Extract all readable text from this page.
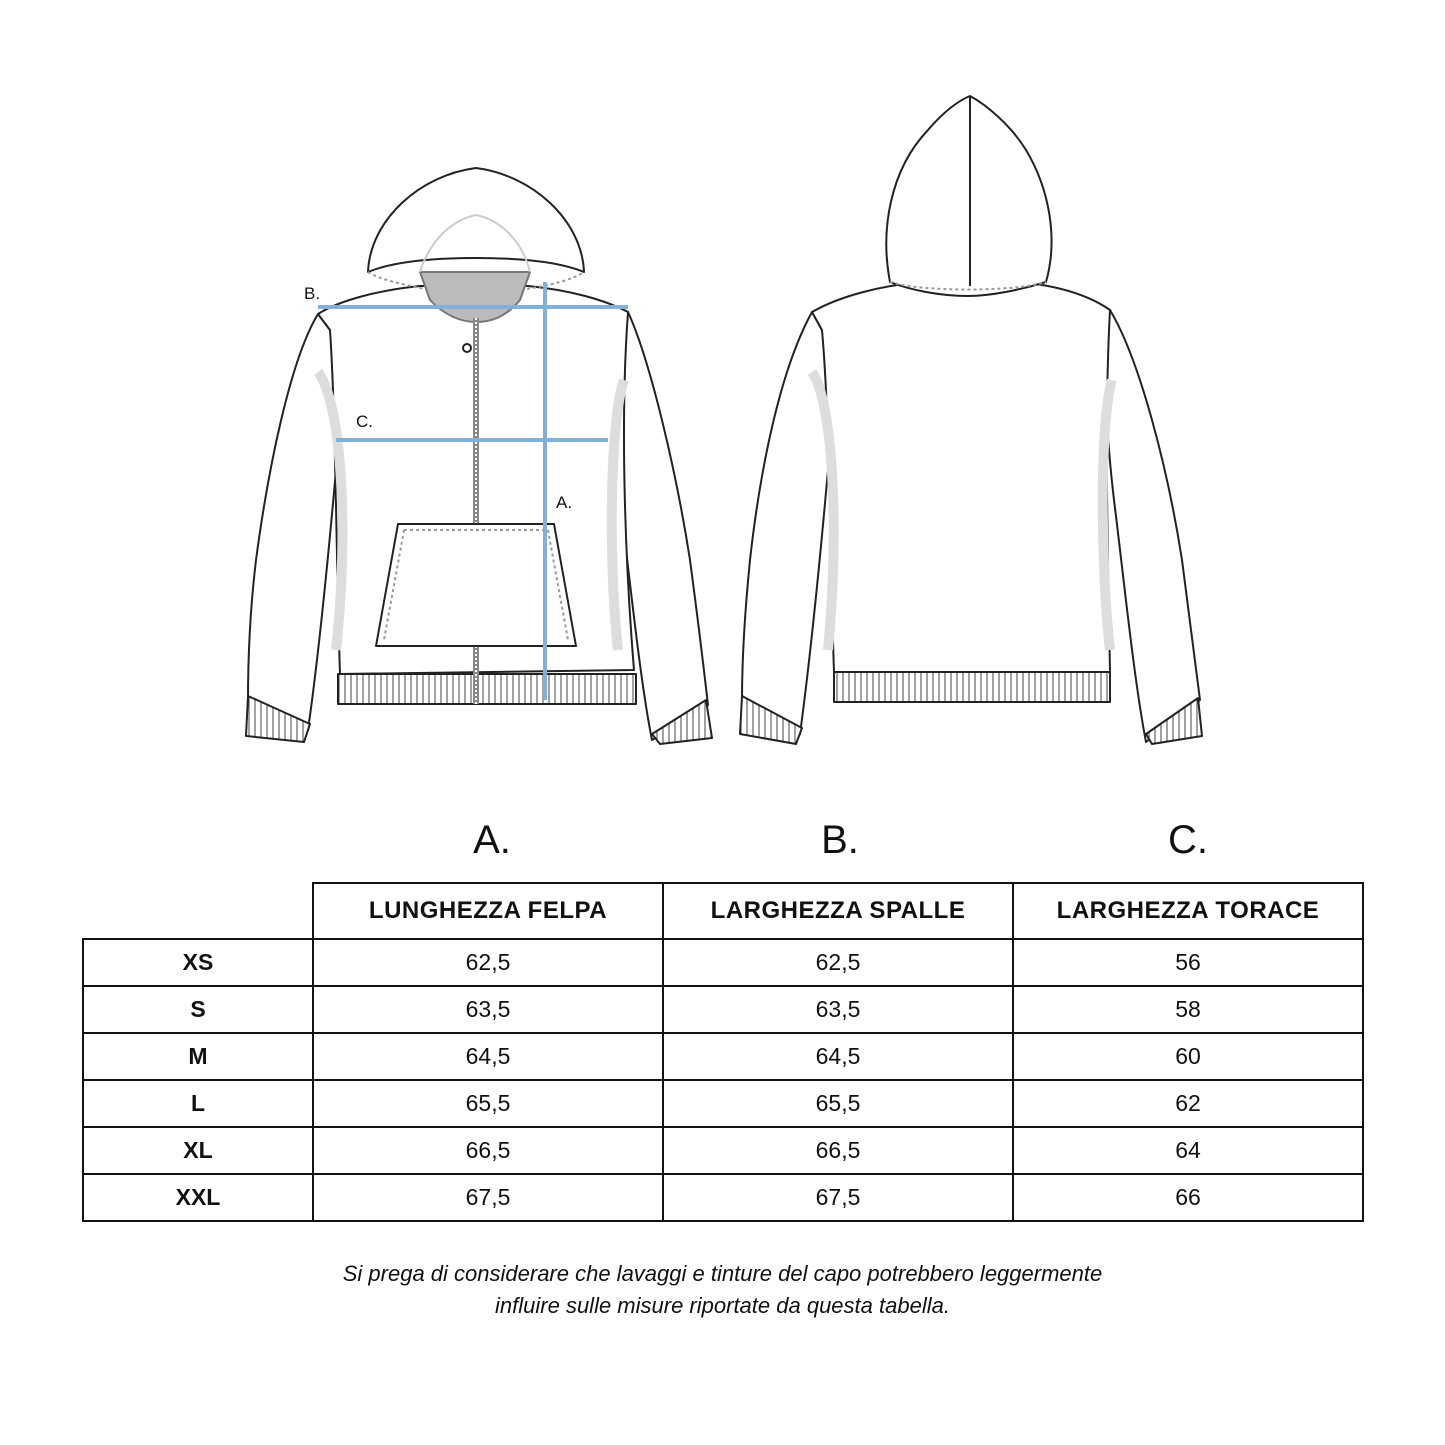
B.
C.
A.
A.	B.	C.
	LUNGHEZZA FELPA	LARGHEZZA SPALLE	LARGHEZZA TORACE
XS	62,5	62,5	56
S	63,5	63,5	58
M	64,5	64,5	60
L	65,5	65,5	62
XL	66,5	66,5	64
XXL	67,5	67,5	66
Si prega di considerare che lavaggi e tinture del capo potrebbero leggermente
influire sulle misure riportate da questa tabella.
